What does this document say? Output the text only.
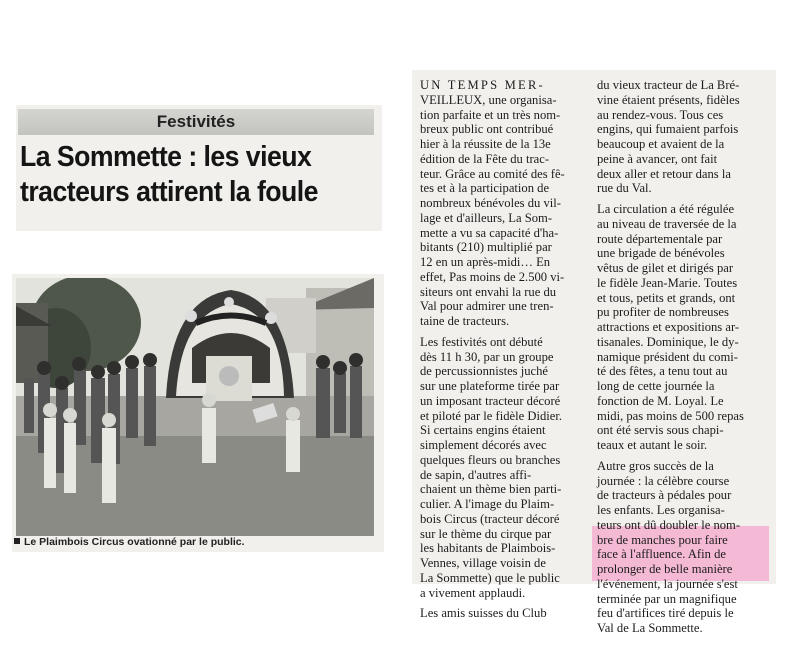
Festivités
La Sommette : les vieux
tracteurs attirent la foule
Le Plaimbois Circus ovationné par le public.

UN TEMPS MER-
VEILLEUX, une organisa-
tion parfaite et un très nom-
breux public ont contribué
hier à la réussite de la 13e
édition de la Fête du trac-
teur. Grâce au comité des fê-
tes et à la participation de
nombreux bénévoles du vil-
lage et d'ailleurs, La Som-
mette a vu sa capacité d'ha-
bitants (210) multiplié par
12 en un après-midi… En
effet, Pas moins de 2.500 vi-
siteurs ont envahi la rue du
Val pour admirer une tren-
taine de tracteurs.

Les festivités ont débuté
dès 11 h 30, par un groupe
de percussionnistes juché
sur une plateforme tirée par
un imposant tracteur décoré
et piloté par le fidèle Didier.
Si certains engins étaient
simplement décorés avec
quelques fleurs ou branches
de sapin, d'autres affi-
chaient un thème bien parti-
culier. A l'image du Plaim-
bois Circus (tracteur décoré
sur le thème du cirque par
les habitants de Plaimbois-
Vennes, village voisin de
La Sommette) que le public
a vivement applaudi.

Les amis suisses du Club

du vieux tracteur de La Bré-
vine étaient présents, fidèles
au rendez-vous. Tous ces
engins, qui fumaient parfois
beaucoup et avaient de la
peine à avancer, ont fait
deux aller et retour dans la
rue du Val.

La circulation a été régulée
au niveau de traversée de la
route départementale par
une brigade de bénévoles
vêtus de gilet et dirigés par
le fidèle Jean-Marie. Toutes
et tous, petits et grands, ont
pu profiter de nombreuses
attractions et expositions ar-
tisanales. Dominique, le dy-
namique président du comi-
té des fêtes, a tenu tout au
long de cette journée la
fonction de M. Loyal. Le
midi, pas moins de 500 repas
ont été servis sous chapi-
teaux et autant le soir.

Autre gros succès de la
journée : la célèbre course
de tracteurs à pédales pour
les enfants. Les organisa-
teurs ont dû doubler le nom-
bre de manches pour faire
face à l'affluence. Afin de
prolonger de belle manière
l'événement, la journée s'est
terminée par un magnifique
feu d'artifices tiré depuis le
Val de La Sommette.
